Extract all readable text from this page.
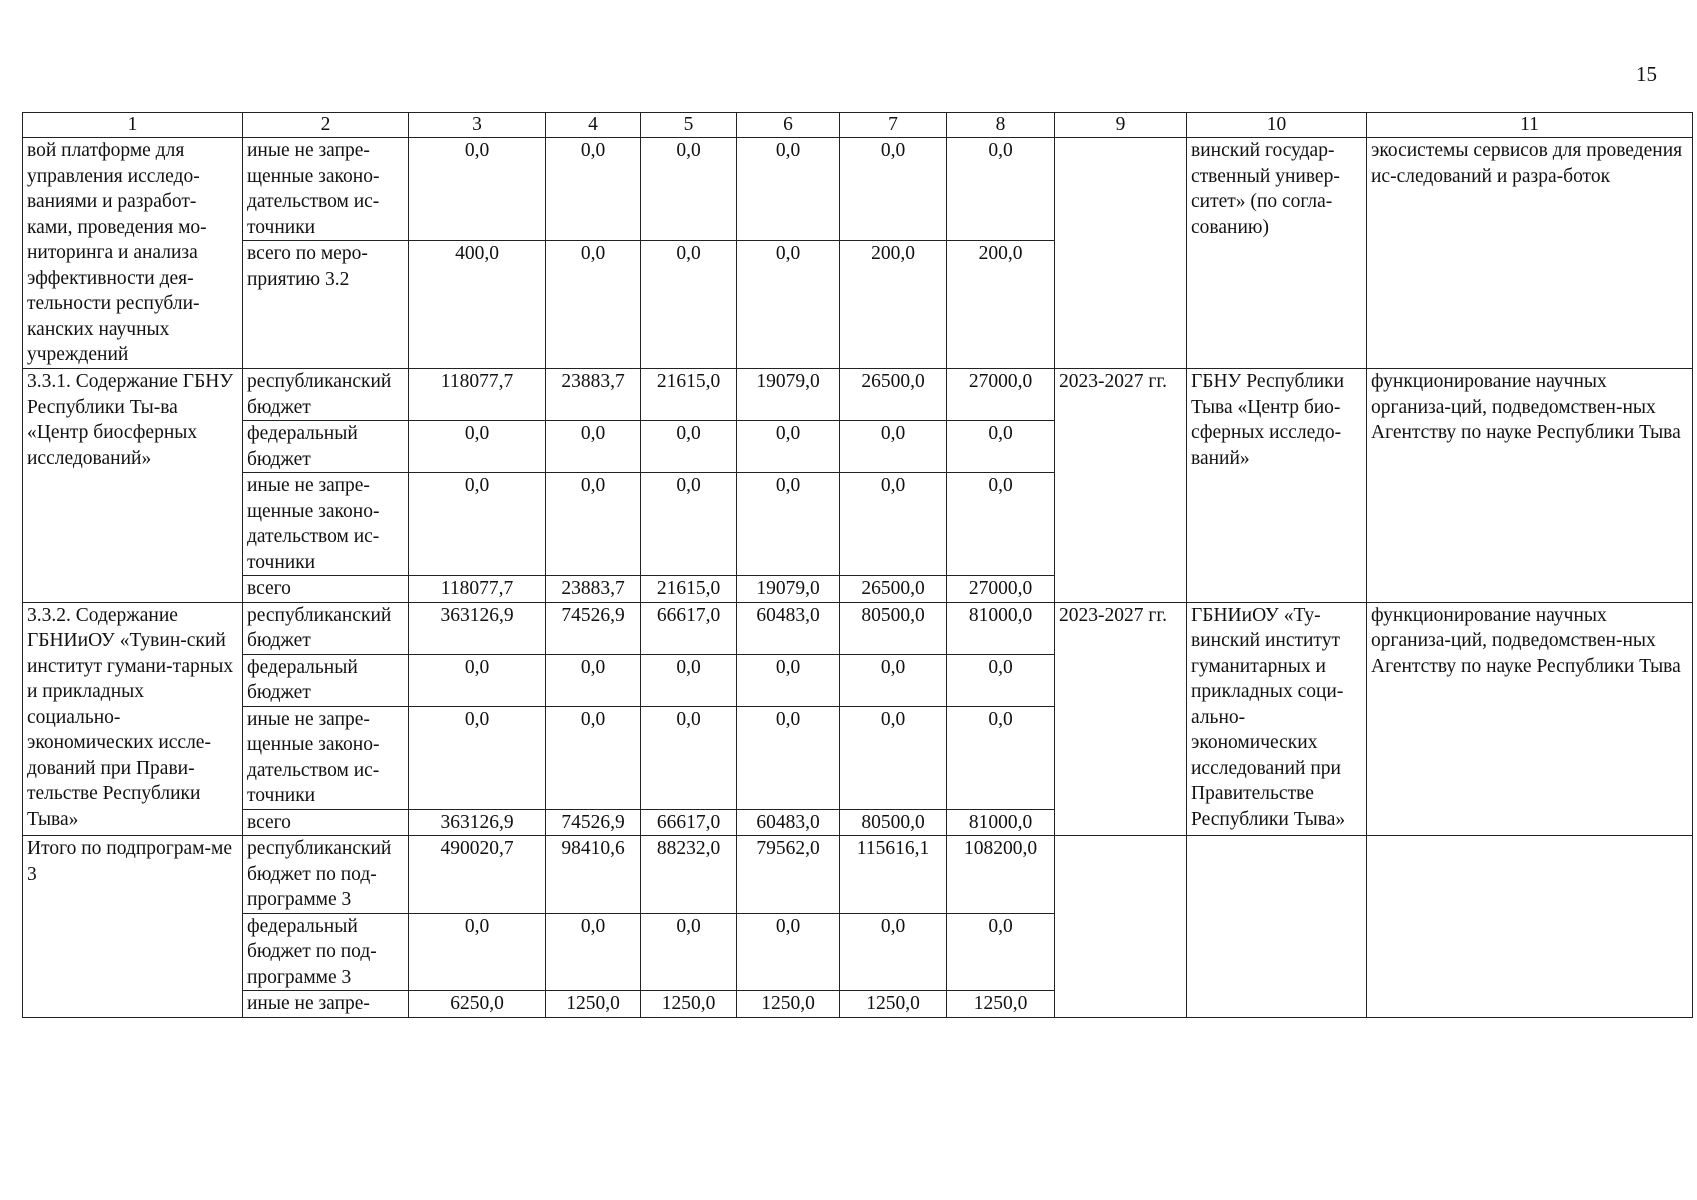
15
1	2	3	4	5	6	7	8	9	10	11
вой платформе для управления исследо-ваниями и разработ-ками, проведения мо-ниторинга и анализа эффективности дея-тельности республи-канских научных учреждений	иные не запре-щенные законо-дательством ис-точники	0,0	0,0	0,0	0,0	0,0	0,0		винский государ-ственный универ-ситет» (по согла-сованию)	экосистемы сервисов для проведения ис-следований и разра-боток
	всего по меро-приятию 3.2	400,0	0,0	0,0	0,0	200,0	200,0			
3.3.1. Содержание ГБНУ Республики Ты-ва «Центр биосферных исследований»	республиканский бюджет	118077,7	23883,7	21615,0	19079,0	26500,0	27000,0	2023-2027 гг.	ГБНУ Республики Тыва «Центр био-сферных исследо-ваний»	функционирование научных организа-ций, подведомствен-ных Агентству по науке Республики Тыва
	федеральный бюджет	0,0	0,0	0,0	0,0	0,0	0,0			
	иные не запре-щенные законо-дательством ис-точники	0,0	0,0	0,0	0,0	0,0	0,0			
	всего	118077,7	23883,7	21615,0	19079,0	26500,0	27000,0			
3.3.2. Содержание ГБНИиОУ «Тувин-ский институт гумани-тарных и прикладных социально-экономических иссле-дований при Прави-тельстве Республики Тыва»	республиканский бюджет	363126,9	74526,9	66617,0	60483,0	80500,0	81000,0	2023-2027 гг.	ГБНИиОУ «Ту-винский институт гуманитарных и прикладных соци-ально-экономических исследований при Правительстве Республики Тыва»	функционирование научных организа-ций, подведомствен-ных Агентству по науке Республики Тыва
	федеральный бюджет	0,0	0,0	0,0	0,0	0,0	0,0			
	иные не запре-щенные законо-дательством ис-точники	0,0	0,0	0,0	0,0	0,0	0,0			
	всего	363126,9	74526,9	66617,0	60483,0	80500,0	81000,0			
Итого по подпрограм-ме 3	республиканский бюджет по под-программе 3	490020,7	98410,6	88232,0	79562,0	115616,1	108200,0			
	федеральный бюджет по под-программе 3	0,0	0,0	0,0	0,0	0,0	0,0			
	иные не запре-	6250,0	1250,0	1250,0	1250,0	1250,0	1250,0			
